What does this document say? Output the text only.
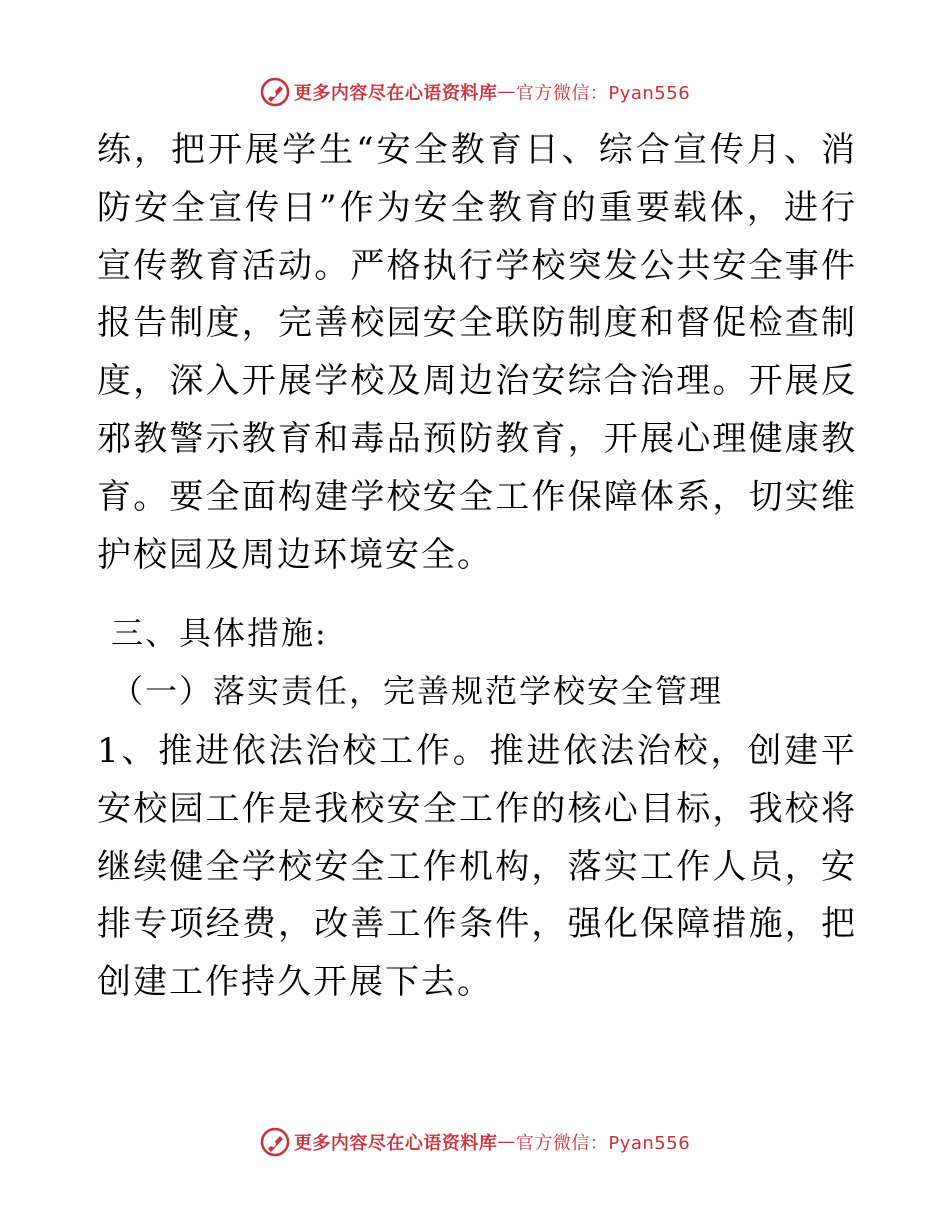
更多内容尽在心语资料库—官方微信：Pyan556

练，把开展学生“安全教育日、综合宣传月、消防安全宣传日”作为安全教育的重要载体，进行宣传教育活动。严格执行学校突发公共安全事件报告制度，完善校园安全联防制度和督促检查制度，深入开展学校及周边治安综合治理。开展反邪教警示教育和毒品预防教育，开展心理健康教育。要全面构建学校安全工作保障体系，切实维护校园及周边环境安全。

三、具体措施:

（一）落实责任，完善规范学校安全管理

1、推进依法治校工作。推进依法治校，创建平安校园工作是我校安全工作的核心目标，我校将继续健全学校安全工作机构，落实工作人员，安排专项经费，改善工作条件，强化保障措施，把创建工作持久开展下去。

更多内容尽在心语资料库—官方微信：Pyan556
